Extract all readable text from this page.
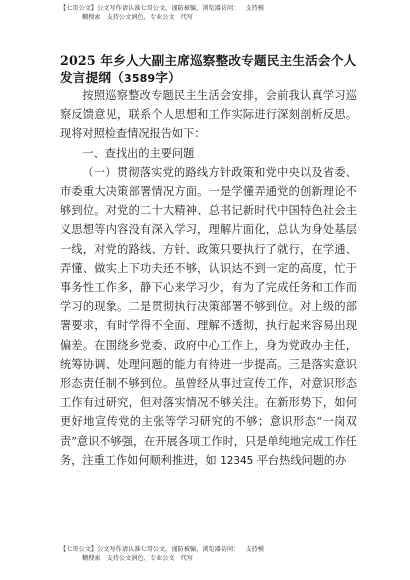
【七哥公文】公文写作请认准七哥公文，谨防被骗，浏览器访问： 支持模
糊搜索 支持公文润色、专业公文 代写
2025 年乡人大副主席巡察整改专题民主生活会个人发言提纲（3589字）

按照巡察整改专题民主生活会安排，会前我认真学习巡察反馈意见，联系个人思想和工作实际进行深刻剖析反思。现将对照检查情况报告如下：

一、查找出的主要问题

（一）贯彻落实党的路线方针政策和党中央以及省委、市委重大决策部署情况方面。一是学懂弄通党的创新理论不够到位。对党的二十大精神、总书记新时代中国特色社会主义思想等内容没有深入学习，理解片面化，总认为身处基层一线，对党的路线、方针、政策只要执行了就行，在学通、弄懂、做实上下功夫还不够，认识达不到一定的高度，忙于事务性工作多，静下心来学习少，有为了完成任务和工作而学习的现象。二是贯彻执行决策部署不够到位。对上级的部署要求，有时学得不全面、理解不透彻，执行起来容易出现偏差。在围绕乡党委、政府中心工作上，身为党政办主任，统筹协调、处理问题的能力有待进一步提高。三是落实意识形态责任制不够到位。虽曾经从事过宣传工作，对意识形态工作有过研究，但对落实情况不够关注。在新形势下，如何更好地宣传党的主张等学习研究的不够；意识形态“一岗双责”意识不够强，在开展各项工作时，只是单纯地完成工作任务，注重工作如何顺利推进，如 12345 平台热线问题的办

【七哥公文】公文写作请认准七哥公文，谨防被骗，浏览器访问： 支持模
糊搜索 支持公文润色、专业公文 代写
